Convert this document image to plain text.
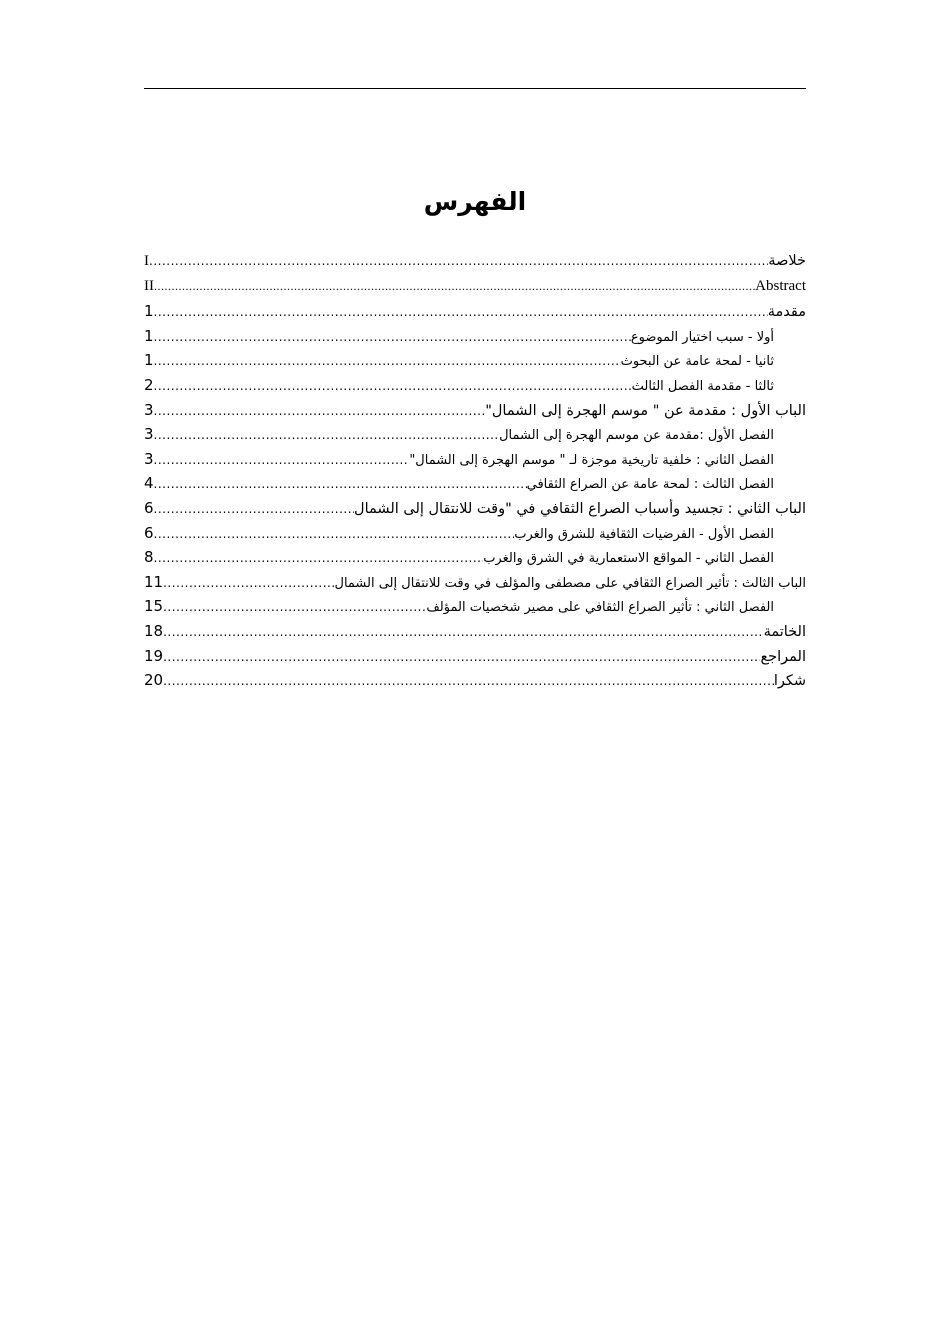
الفهرس
خلاصة
.....
I
Abstract
.....
II
مقدمة
.....
1
أولا - سبب اختيار الموضوع
.....
1
ثانيا - لمحة عامة عن البحوث
.....
1
ثالثا - مقدمة الفصل الثالث
.....
2
الباب الأول : مقدمة عن " موسم الهجرة إلى الشمال"
.....
3
الفصل الأول :مقدمة عن موسم الهجرة إلى الشمال
.....
3
الفصل الثاني : خلفية تاريخية موجزة لـ " موسم الهجرة إلى الشمال"
.....
3
الفصل الثالث : لمحة عامة عن الصراع الثقافي
.....
4
الباب الثاني : تجسيد وأسباب الصراع الثقافي في "وقت للانتقال إلى الشمال
.....
6
الفصل الأول - الفرضيات الثقافية للشرق والغرب
.....
6
الفصل الثاني - المواقع الاستعمارية في الشرق والغرب
.....
8
الباب الثالث : تأثير الصراع الثقافي على مصطفى والمؤلف في وقت للانتقال إلى الشمال
.....
11
الفصل الثاني : تأثير الصراع الثقافي على مصير شخصيات المؤلف
.....
15
الخاتمة
.....
18
المراجع
.....
19
شكرا
.....
20
